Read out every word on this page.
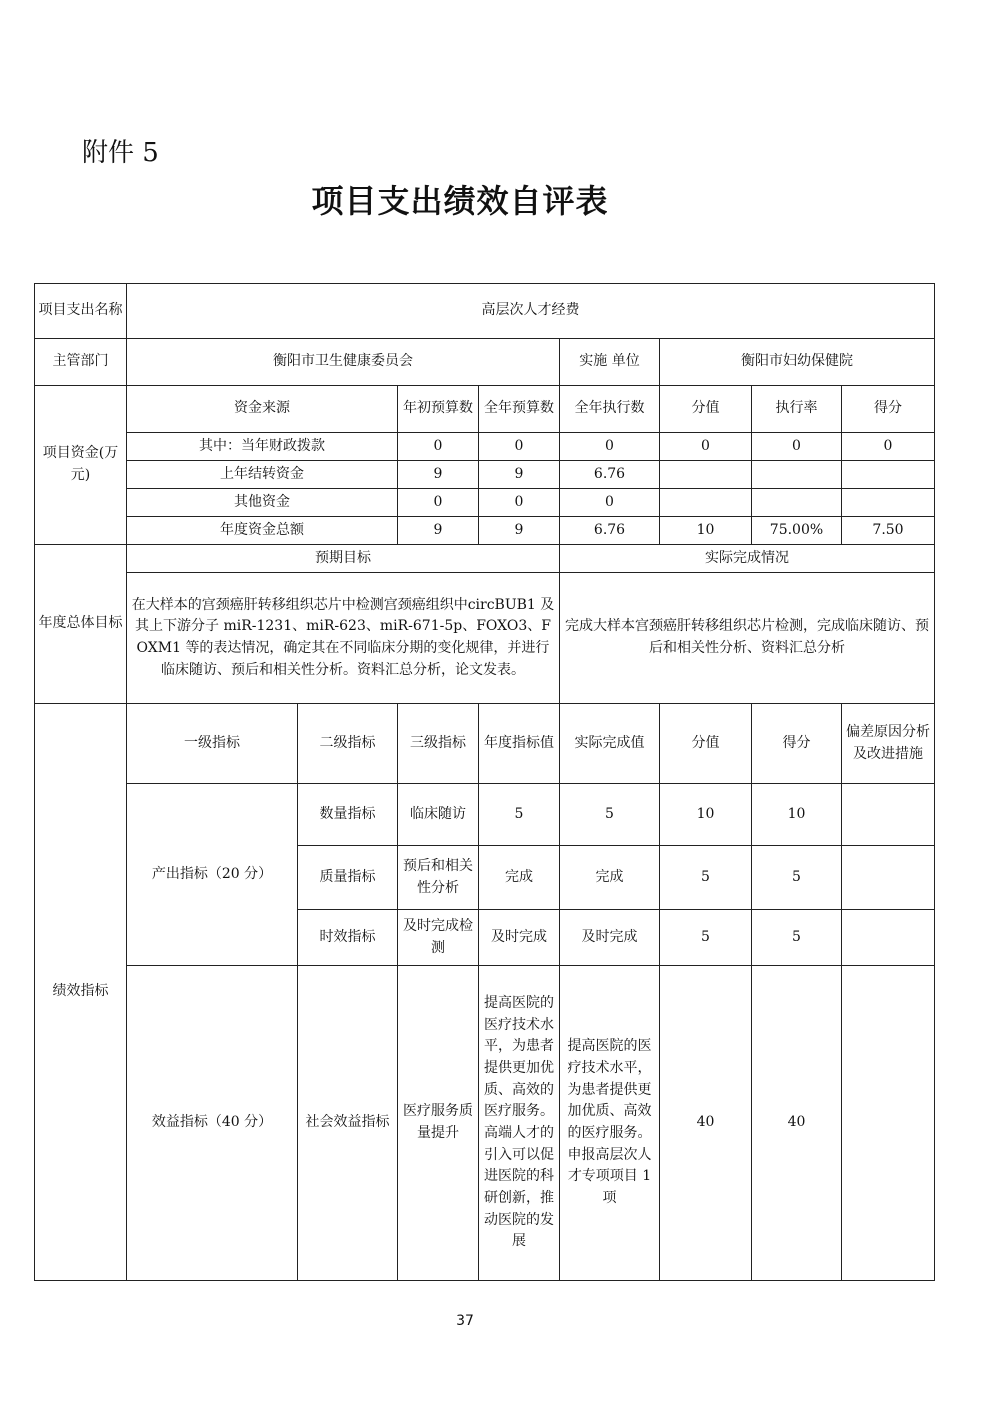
附件 5
项目支出绩效自评表
项目支出名称	高层次人才经费							
主管部门	衡阳市卫生健康委员会				实施 单位	衡阳市妇幼保健院		
项目资金(万元)	资金来源		年初预算数	全年预算数	全年执行数	分值	执行率	得分
	其中：当年财政拨款		0	0	0	0	0	0
	上年结转资金		9	9	6.76			
	其他资金		0	0	0			
	年度资金总额		9	9	6.76	10	75.00%	7.50
年度总体目标	预期目标				实际完成情况			
	在大样本的宫颈癌肝转移组织芯片中检测宫颈癌组织中circBUB1 及其上下游分子 miR-1231、miR-623、miR-671-5p、FOXO3、FOXM1 等的表达情况，确定其在不同临床分期的变化规律，并进行临床随访、预后和相关性分析。资料汇总分析，论文发表。				完成大样本宫颈癌肝转移组织芯片检测，完成临床随访、预后和相关性分析、资料汇总分析			
绩效指标	一级指标	二级指标	三级指标	年度指标值	实际完成值	分值	得分	偏差原因分析及改进措施
	产出指标（20 分）	数量指标	临床随访	5	5	10	10	
		质量指标	预后和相关性分析	完成	完成	5	5	
		时效指标	及时完成检测	及时完成	及时完成	5	5	
	效益指标（40 分）	社会效益指标	医疗服务质量提升	提高医院的医疗技术水平，为患者提供更加优质、高效的医疗服务。高端人才的引入可以促进医院的科研创新，推动医院的发展	提高医院的医疗技术水平，为患者提供更加优质、高效的医疗服务。申报高层次人才专项项目 1 项	40	40	
37
